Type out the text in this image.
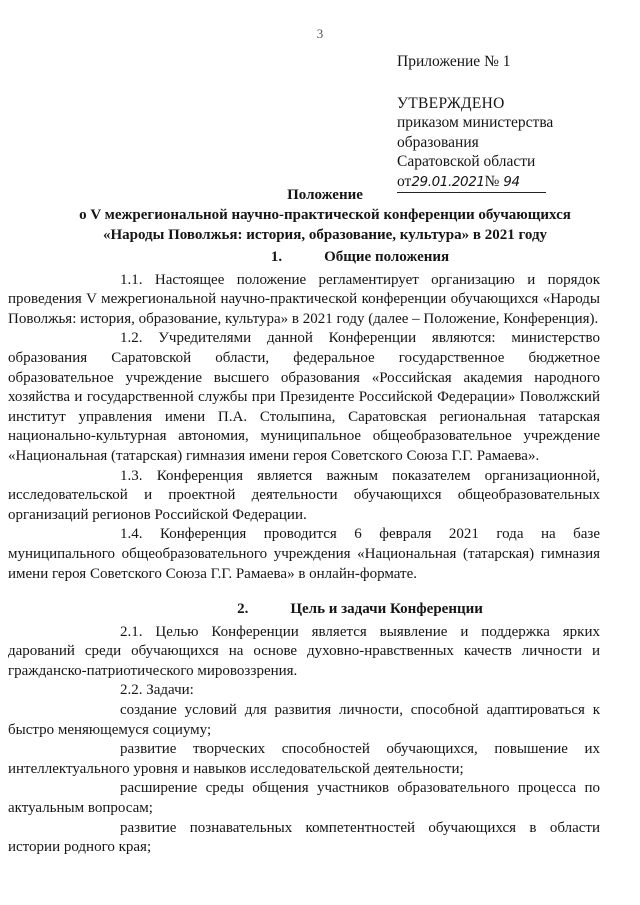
3
Приложение № 1
УТВЕРЖДЕНО
приказом министерства
образования
Саратовской области
от29.01.2021№ 94
Положение
о V межрегиональной научно-практической конференции обучающихся
«Народы Поволжья: история, образование, культура» в 2021 году
1.	Общие положения

1.1. Настоящее положение регламентирует организацию и порядок проведения V межрегиональной научно-практической конференции обучающихся «Народы Поволжья: история, образование, культура» в 2021 году (далее – Положение, Конференция).

1.2. Учредителями данной Конференции являются: министерство образования Саратовской области, федеральное государственное бюджетное образовательное учреждение высшего образования «Российская академия народного хозяйства и государственной службы при Президенте Российской Федерации» Поволжский институт управления имени П.А. Столыпина, Саратовская региональная татарская национально-культурная автономия, муниципальное общеобразовательное учреждение «Национальная (татарская) гимназия имени героя Советского Союза Г.Г. Рамаева».

1.3. Конференция является важным показателем организационной, исследовательской и проектной деятельности обучающихся общеобразовательных организаций регионов Российской Федерации.

1.4. Конференция проводится 6 февраля 2021 года на базе муниципального общеобразовательного учреждения «Национальная (татарская) гимназия имени героя Советского Союза Г.Г. Рамаева» в онлайн-формате.

2.	Цель и задачи Конференции

2.1. Целью Конференции является выявление и поддержка ярких дарований среди обучающихся на основе духовно-нравственных качеств личности и гражданско-патриотического мировоззрения.

2.2. Задачи:

создание условий для развития личности, способной адаптироваться к быстро меняющемуся социуму;

развитие творческих способностей обучающихся, повышение их интеллектуального уровня и навыков исследовательской деятельности;

расширение среды общения участников образовательного процесса по актуальным вопросам;

развитие познавательных компетентностей обучающихся в области истории родного края;
